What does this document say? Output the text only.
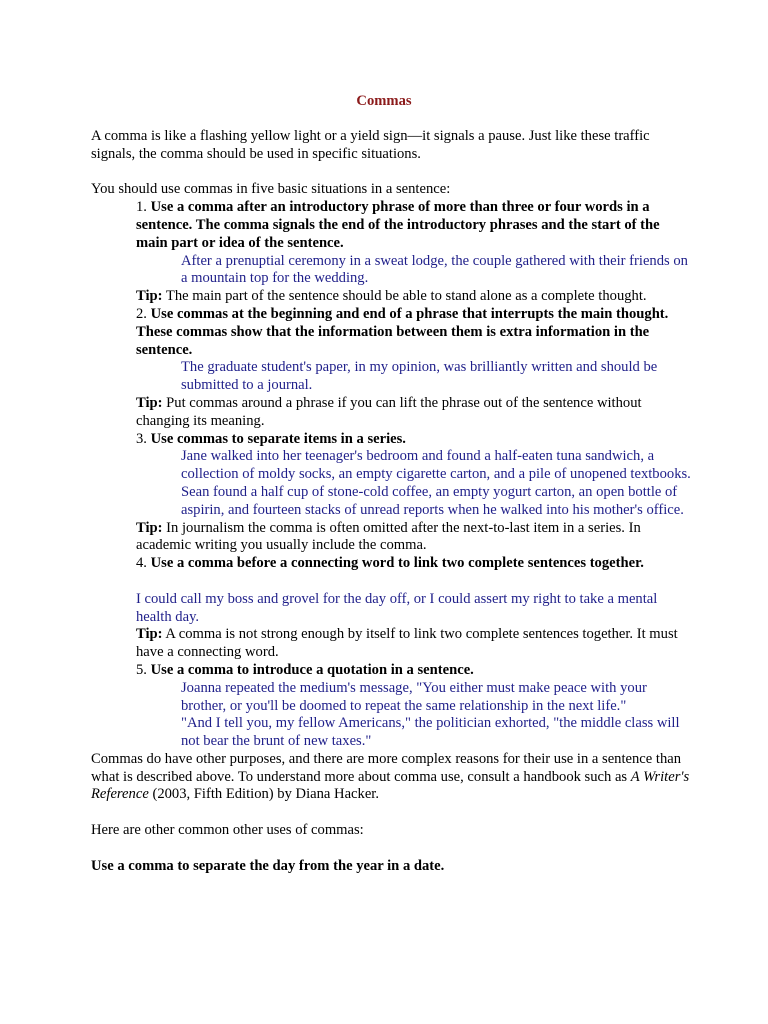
Commas

A comma is like a flashing yellow light or a yield sign—it signals a pause. Just like these traffic signals, the comma should be used in specific situations.

You should use commas in five basic situations in a sentence:

1. Use a comma after an introductory phrase of more than three or four words in a sentence. The comma signals the end of the introductory phrases and the start of the main part or idea of the sentence.

After a prenuptial ceremony in a sweat lodge, the couple gathered with their friends on a mountain top for the wedding.

Tip: The main part of the sentence should be able to stand alone as a complete thought.

2. Use commas at the beginning and end of a phrase that interrupts the main thought. These commas show that the information between them is extra information in the sentence.

The graduate student's paper, in my opinion, was brilliantly written and should be submitted to a journal.

Tip: Put commas around a phrase if you can lift the phrase out of the sentence without changing its meaning.

3. Use commas to separate items in a series.

Jane walked into her teenager's bedroom and found a half-eaten tuna sandwich, a collection of moldy socks, an empty cigarette carton, and a pile of unopened textbooks.

Sean found a half cup of stone-cold coffee, an empty yogurt carton, an open bottle of aspirin, and fourteen stacks of unread reports when he walked into his mother's office.

Tip: In journalism the comma is often omitted after the next-to-last item in a series. In academic writing you usually include the comma.

4. Use a comma before a connecting word to link two complete sentences together.

I could call my boss and grovel for the day off, or I could assert my right to take a mental health day.

Tip: A comma is not strong enough by itself to link two complete sentences together. It must have a connecting word.

5. Use a comma to introduce a quotation in a sentence.

Joanna repeated the medium's message, "You either must make peace with your brother, or you'll be doomed to repeat the same relationship in the next life."

"And I tell you, my fellow Americans," the politician exhorted, "the middle class will not bear the brunt of new taxes."

Commas do have other purposes, and there are more complex reasons for their use in a sentence than what is described above. To understand more about comma use, consult a handbook such as A Writer's Reference (2003, Fifth Edition) by Diana Hacker.

Here are other common other uses of commas:

Use a comma to separate the day from the year in a date.
